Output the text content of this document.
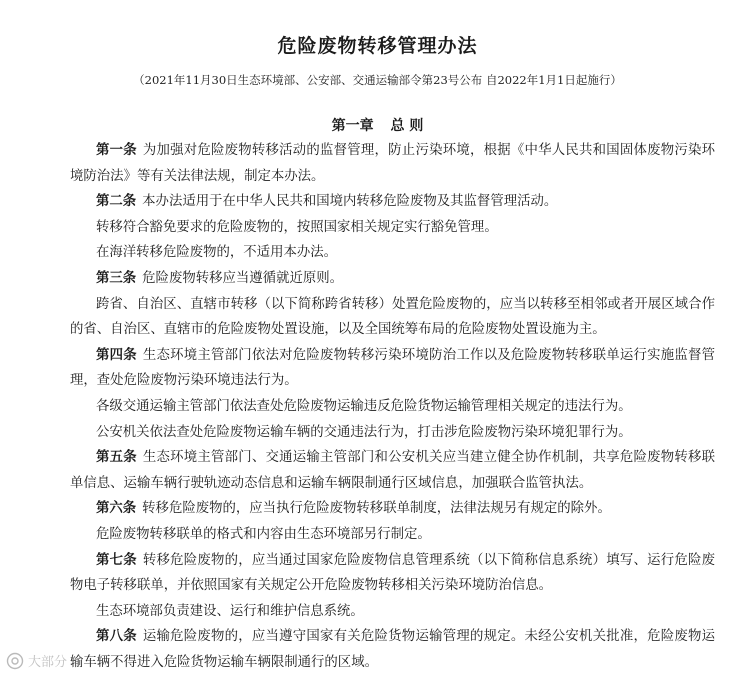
危险废物转移管理办法
（2021年11月30日生态环境部、公安部、交通运输部令第23号公布 自2022年1月1日起施行）
第一章 总 则

第一条 为加强对危险废物转移活动的监督管理，防止污染环境，根据《中华人民共和国固体废物污染环境防治法》等有关法律法规，制定本办法。

第二条 本办法适用于在中华人民共和国境内转移危险废物及其监督管理活动。

转移符合豁免要求的危险废物的，按照国家相关规定实行豁免管理。

在海洋转移危险废物的，不适用本办法。

第三条 危险废物转移应当遵循就近原则。

跨省、自治区、直辖市转移（以下简称跨省转移）处置危险废物的，应当以转移至相邻或者开展区域合作的省、自治区、直辖市的危险废物处置设施，以及全国统筹布局的危险废物处置设施为主。

第四条 生态环境主管部门依法对危险废物转移污染环境防治工作以及危险废物转移联单运行实施监督管理，查处危险废物污染环境违法行为。

各级交通运输主管部门依法查处危险废物运输违反危险货物运输管理相关规定的违法行为。

公安机关依法查处危险废物运输车辆的交通违法行为，打击涉危险废物污染环境犯罪行为。

第五条 生态环境主管部门、交通运输主管部门和公安机关应当建立健全协作机制，共享危险废物转移联单信息、运输车辆行驶轨迹动态信息和运输车辆限制通行区域信息，加强联合监管执法。

第六条 转移危险废物的，应当执行危险废物转移联单制度，法律法规另有规定的除外。

危险废物转移联单的格式和内容由生态环境部另行制定。

第七条 转移危险废物的，应当通过国家危险废物信息管理系统（以下简称信息系统）填写、运行危险废物电子转移联单，并依照国家有关规定公开危险废物转移相关污染环境防治信息。

生态环境部负责建设、运行和维护信息系统。

第八条 运输危险废物的，应当遵守国家有关危险货物运输管理的规定。未经公安机关批准，危险废物运输车辆不得进入危险货物运输车辆限制通行的区域。

大部分
